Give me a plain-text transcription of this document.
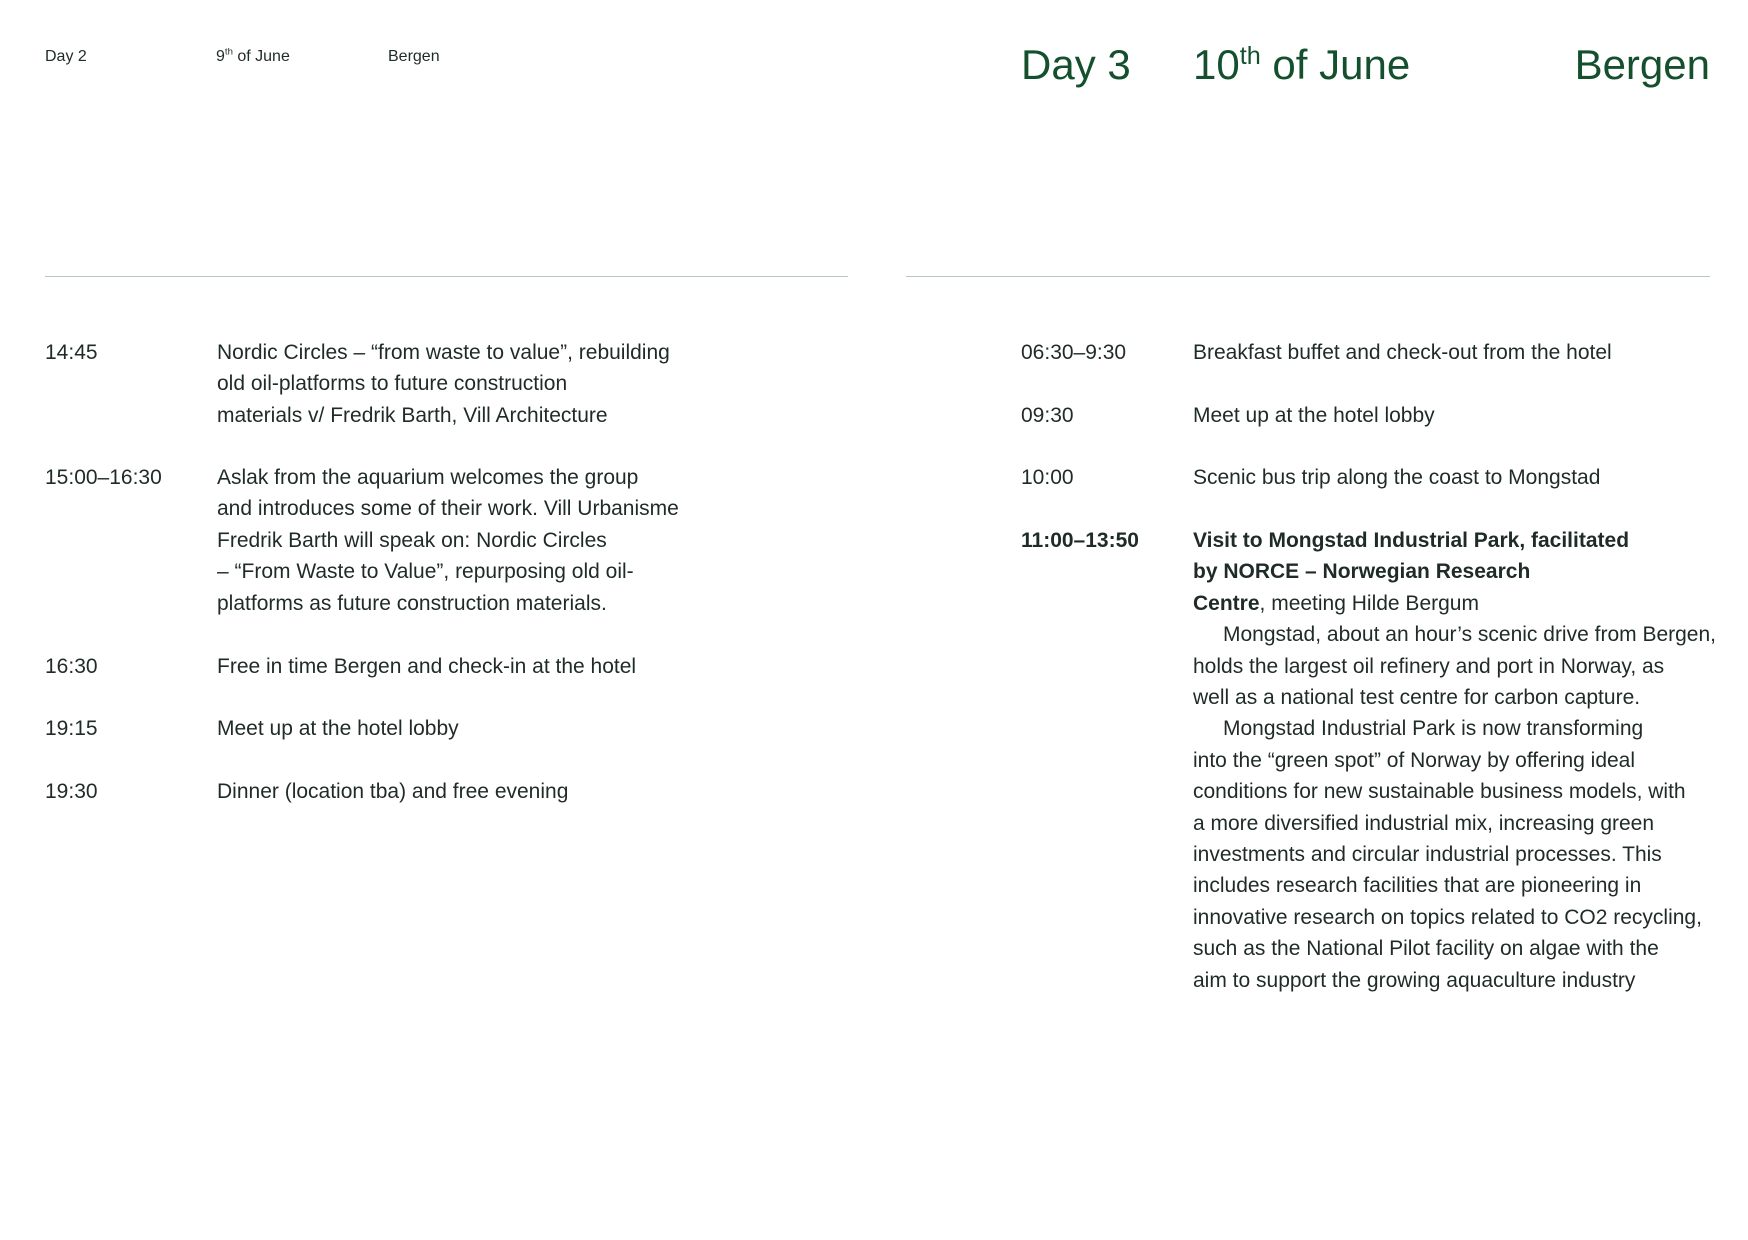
Day 2	9th of June	Bergen
14:45	Nordic Circles – “from waste to value”, rebuilding
old oil-platforms to future construction
materials v/ Fredrik Barth, Vill Architecture
15:00–16:30	Aslak from the aquarium welcomes the group
and introduces some of their work. Vill Urbanisme
Fredrik Barth will speak on: Nordic Circles
– “From Waste to Value”, repurposing old oil-
platforms as future construction materials.
16:30	Free in time Bergen and check-in at the hotel
19:15	Meet up at the hotel lobby
19:30	Dinner (location tba) and free evening
Day 3 10th of June	Bergen
06:30–9:30	Breakfast buffet and check-out from the hotel
09:30	Meet up at the hotel lobby
10:00	Scenic bus trip along the coast to Mongstad
11:00–13:50	Visit to Mongstad Industrial Park, facilitated
by NORCE – Norwegian Research
Centre, meeting Hilde Bergum
Mongstad, about an hour’s scenic drive from Bergen,
holds the largest oil refinery and port in Norway, as
well as a national test centre for carbon capture.
Mongstad Industrial Park is now transforming
into the “green spot” of Norway by offering ideal
conditions for new sustainable business models, with
a more diversified industrial mix, increasing green
investments and circular industrial processes. This
includes research facilities that are pioneering in
innovative research on topics related to CO2 recycling,
such as the National Pilot facility on algae with the
aim to support the growing aquaculture industry
